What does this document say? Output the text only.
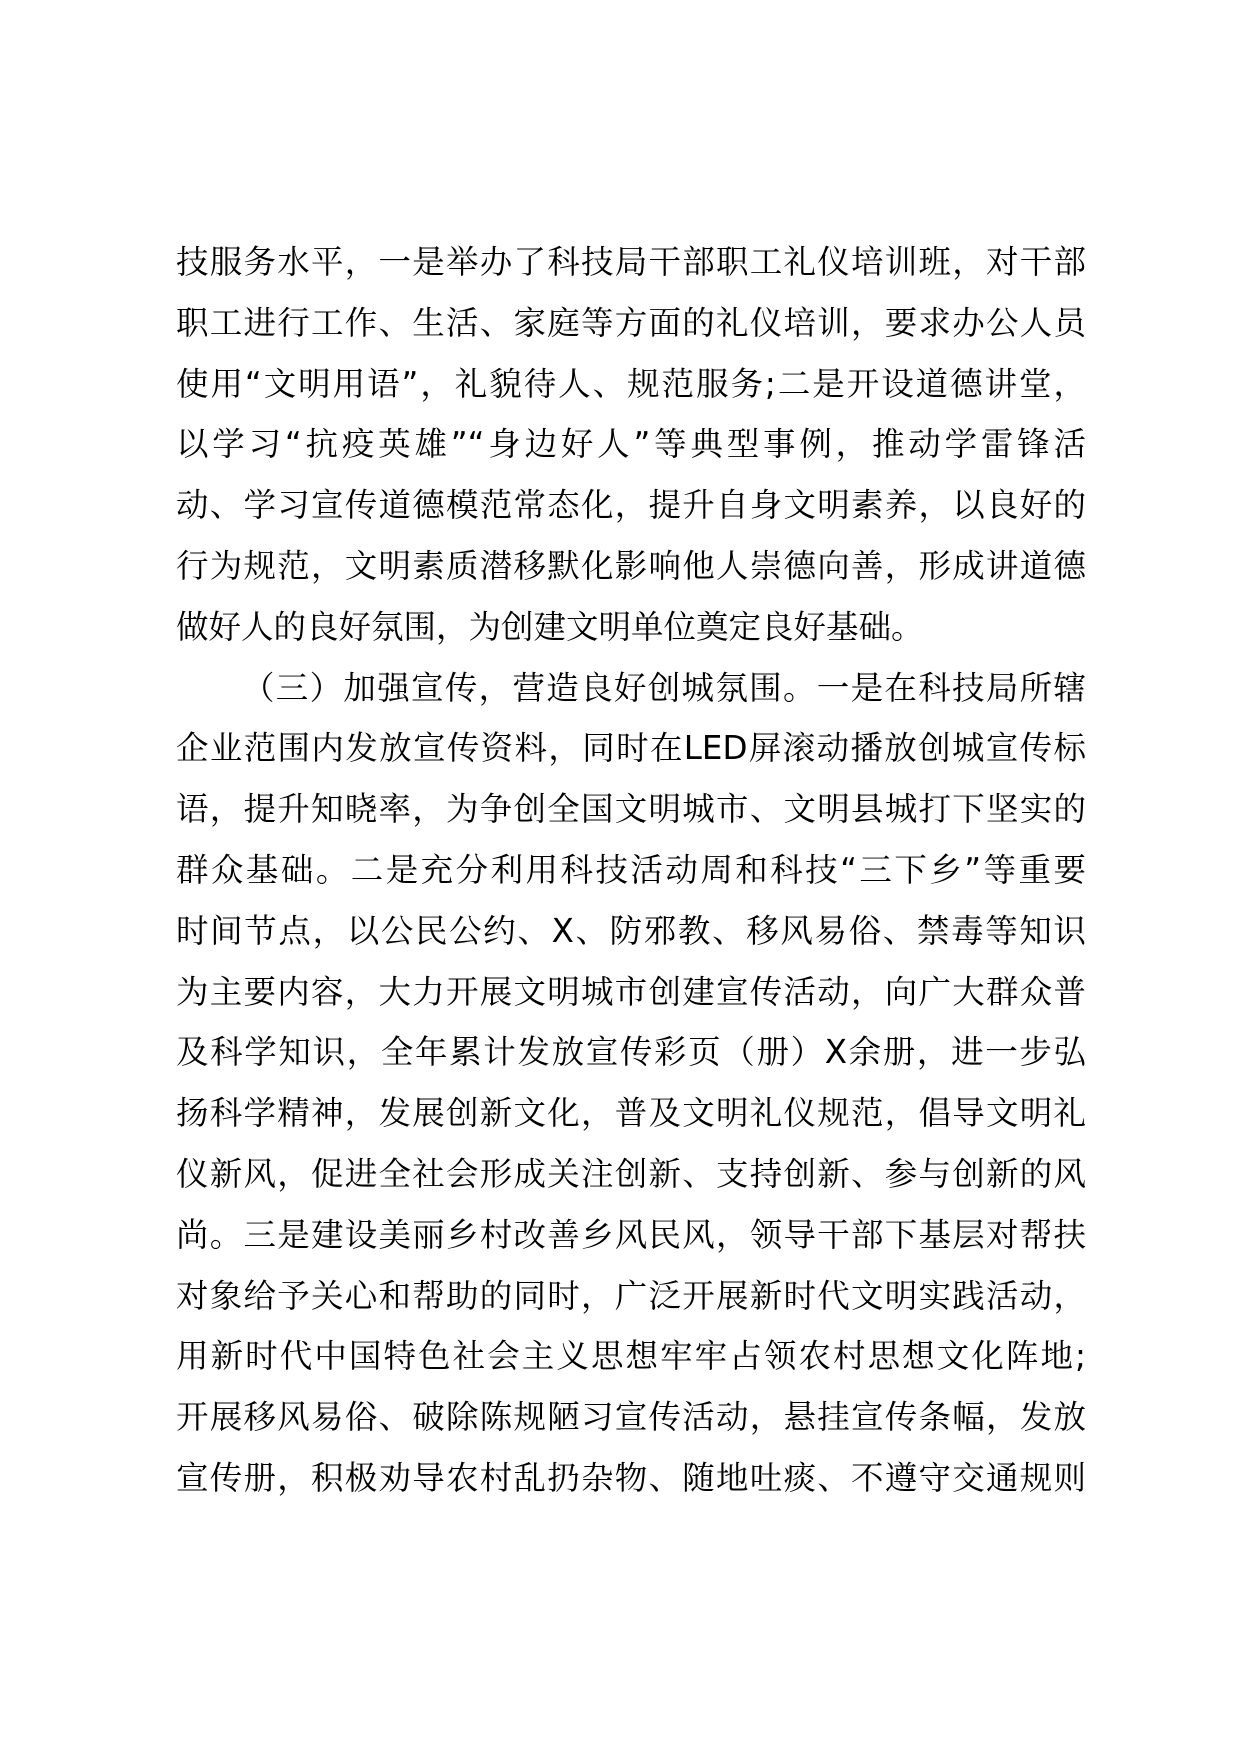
技服务水平，一是举办了科技局干部职工礼仪培训班，对干部
职工进行工作、生活、家庭等方面的礼仪培训，要求办公人员
使用“文明用语”，礼貌待人、规范服务;二是开设道德讲堂，
以学习“抗疫英雄”“身边好人”等典型事例，推动学雷锋活
动、学习宣传道德模范常态化，提升自身文明素养，以良好的
行为规范，文明素质潜移默化影响他人崇德向善，形成讲道德
做好人的良好氛围，为创建文明单位奠定良好基础。
（三）加强宣传，营造良好创城氛围。一是在科技局所辖
企业范围内发放宣传资料，同时在LED屏滚动播放创城宣传标
语，提升知晓率，为争创全国文明城市、文明县城打下坚实的
群众基础。二是充分利用科技活动周和科技“三下乡”等重要
时间节点，以公民公约、X、防邪教、移风易俗、禁毒等知识
为主要内容，大力开展文明城市创建宣传活动，向广大群众普
及科学知识，全年累计发放宣传彩页（册）X余册，进一步弘
扬科学精神，发展创新文化，普及文明礼仪规范，倡导文明礼
仪新风，促进全社会形成关注创新、支持创新、参与创新的风
尚。三是建设美丽乡村改善乡风民风，领导干部下基层对帮扶
对象给予关心和帮助的同时，广泛开展新时代文明实践活动，
用新时代中国特色社会主义思想牢牢占领农村思想文化阵地;
开展移风易俗、破除陈规陋习宣传活动，悬挂宣传条幅，发放
宣传册，积极劝导农村乱扔杂物、随地吐痰、不遵守交通规则
